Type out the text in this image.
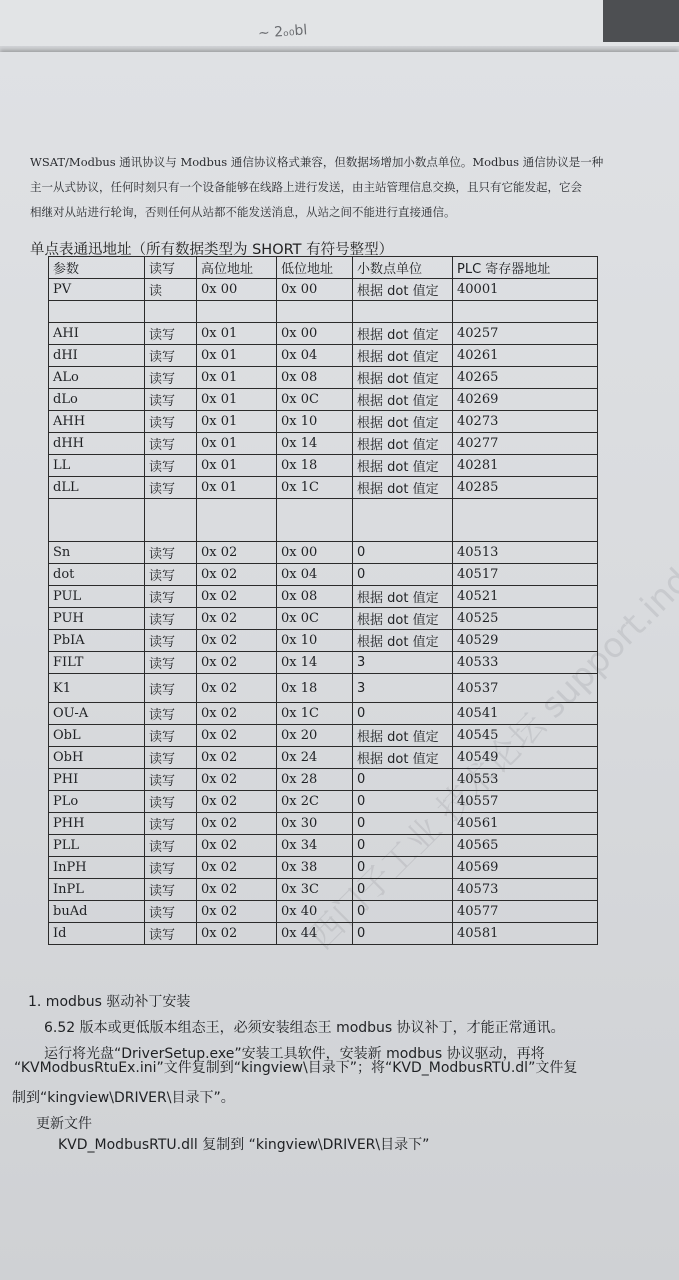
~ 2ₒ₀bl
WSAT/Modbus 通讯协议与 Modbus 通信协议格式兼容，但数据场增加小数点单位。Modbus 通信协议是一种
主一从式协议，任何时刻只有一个设备能够在线路上进行发送，由主站管理信息交换，且只有它能发起，它会
相继对从站进行轮询，否则任何从站都不能发送消息，从站之间不能进行直接通信。
单点表通迅地址（所有数据类型为 SHORT 有符号整型）
参数	读写	高位地址	低位地址	小数点单位	PLC 寄存器地址
PV	读	0x 00	0x 00	根据 dot 值定	40001

AHI	读写	0x 01	0x 00	根据 dot 值定	40257
dHI	读写	0x 01	0x 04	根据 dot 值定	40261
ALo	读写	0x 01	0x 08	根据 dot 值定	40265
dLo	读写	0x 01	0x 0C	根据 dot 值定	40269
AHH	读写	0x 01	0x 10	根据 dot 值定	40273
dHH	读写	0x 01	0x 14	根据 dot 值定	40277
LL	读写	0x 01	0x 18	根据 dot 值定	40281
dLL	读写	0x 01	0x 1C	根据 dot 值定	40285

Sn	读写	0x 02	0x 00	0	40513
dot	读写	0x 02	0x 04	0	40517
PUL	读写	0x 02	0x 08	根据 dot 值定	40521
PUH	读写	0x 02	0x 0C	根据 dot 值定	40525
PbIA	读写	0x 02	0x 10	根据 dot 值定	40529
FILT	读写	0x 02	0x 14	3	40533
K1	读写	0x 02	0x 18	3	40537
OU-A	读写	0x 02	0x 1C	0	40541
ObL	读写	0x 02	0x 20	根据 dot 值定	40545
ObH	读写	0x 02	0x 24	根据 dot 值定	40549
PHI	读写	0x 02	0x 28	0	40553
PLo	读写	0x 02	0x 2C	0	40557
PHH	读写	0x 02	0x 30	0	40561
PLL	读写	0x 02	0x 34	0	40565
InPH	读写	0x 02	0x 38	0	40569
InPL	读写	0x 02	0x 3C	0	40573
buAd	读写	0x 02	0x 40	0	40577
Id	读写	0x 02	0x 44	0	40581
1. modbus 驱动补丁安装
6.52 版本或更低版本组态王，必须安装组态王 modbus 协议补丁，才能正常通讯。
运行将光盘“DriverSetup.exe”安装工具软件，安装新 modbus 协议驱动，再将
“KVModbusRtuEx.ini”文件复制到“kingview\目录下”；将“KVD_ModbusRTU.dl”文件复
制到“kingview\DRIVER\目录下”。
更新文件
KVD_ModbusRTU.dll 复制到 “kingview\DRIVER\目录下”
